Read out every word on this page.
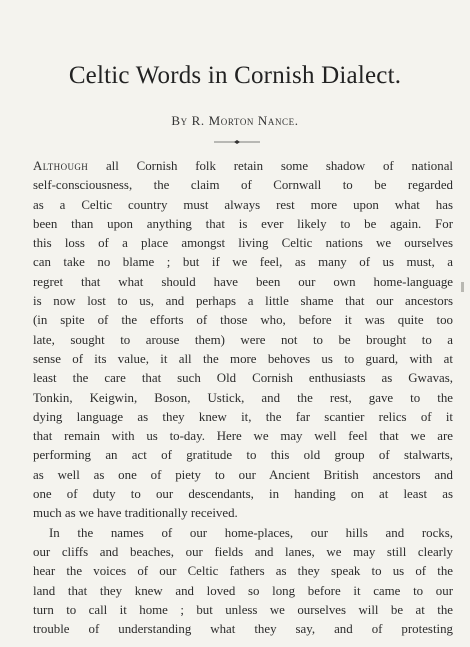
Celtic Words in Cornish Dialect.
By R. Morton Nance.
Although all Cornish folk retain some shadow of national
self-consciousness, the claim of Cornwall to be regarded
as a Celtic country must always rest more upon what has
been than upon anything that is ever likely to be again. For
this loss of a place amongst living Celtic nations we ourselves
can take no blame ; but if we feel, as many of us must, a
regret that what should have been our own home-language
is now lost to us, and perhaps a little shame that our ancestors
(in spite of the efforts of those who, before it was quite too
late, sought to arouse them) were not to be brought to a
sense of its value, it all the more behoves us to guard, with at
least the care that such Old Cornish enthusiasts as Gwavas,
Tonkin, Keigwin, Boson, Ustick, and the rest, gave to the
dying language as they knew it, the far scantier relics of it
that remain with us to-day. Here we may well feel that we are
performing an act of gratitude to this old group of stalwarts,
as well as one of piety to our Ancient British ancestors and
one of duty to our descendants, in handing on at least as
much as we have traditionally received.
In the names of our home-places, our hills and rocks,
our cliffs and beaches, our fields and lanes, we may still clearly
hear the voices of our Celtic fathers as they speak to us of the
land that they knew and loved so long before it came to our
turn to call it home ; but unless we ourselves will be at the
trouble of understanding what they say, and of protesting
